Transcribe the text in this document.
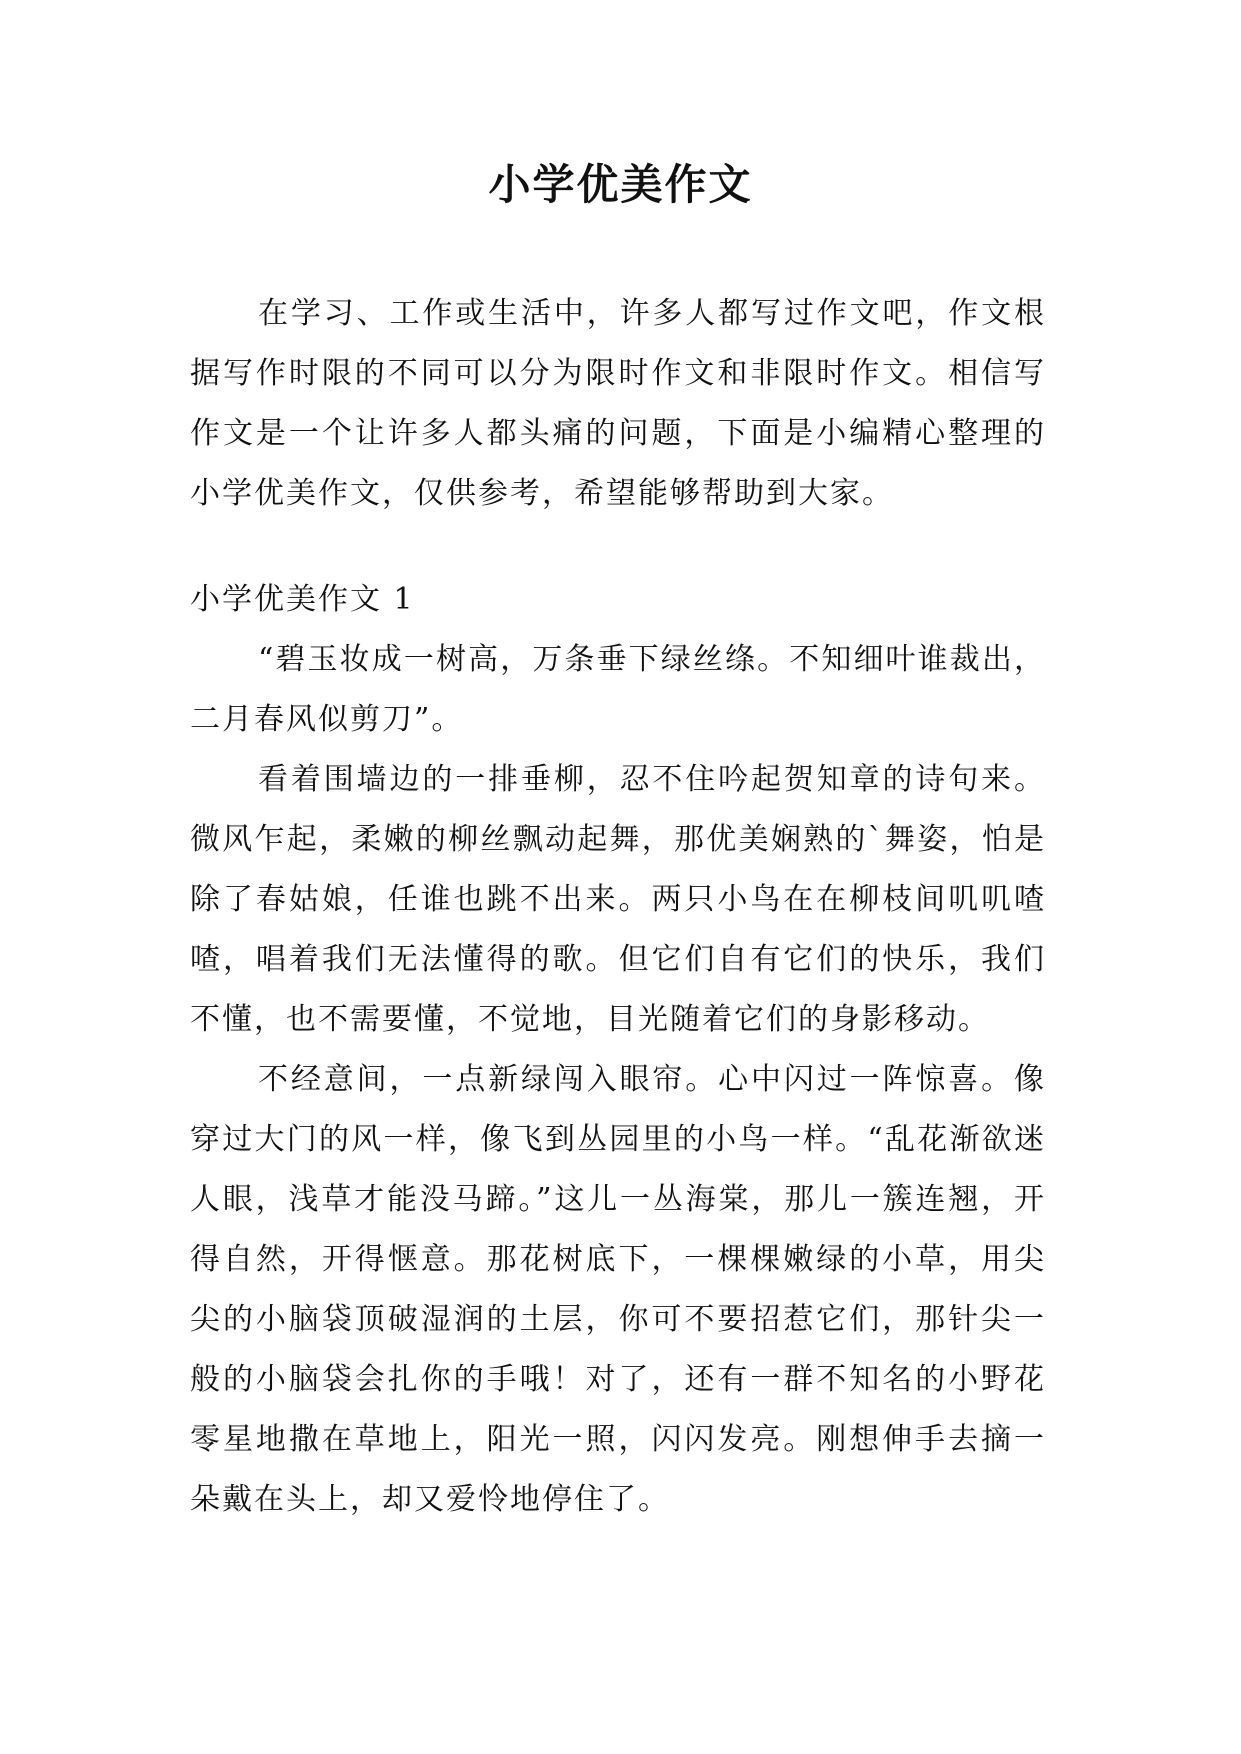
小学优美作文

在学习、工作或生活中，许多人都写过作文吧，作文根据写作时限的不同可以分为限时作文和非限时作文。相信写作文是一个让许多人都头痛的问题，下面是小编精心整理的小学优美作文，仅供参考，希望能够帮助到大家。

小学优美作文 1

“碧玉妆成一树高，万条垂下绿丝绦。不知细叶谁裁出，二月春风似剪刀”。

看着围墙边的一排垂柳，忍不住吟起贺知章的诗句来。微风乍起，柔嫩的柳丝飘动起舞，那优美娴熟的`舞姿，怕是除了春姑娘，任谁也跳不出来。两只小鸟在在柳枝间叽叽喳喳，唱着我们无法懂得的歌。但它们自有它们的快乐，我们不懂，也不需要懂，不觉地，目光随着它们的身影移动。

不经意间，一点新绿闯入眼帘。心中闪过一阵惊喜。像穿过大门的风一样，像飞到丛园里的小鸟一样。“乱花渐欲迷人眼，浅草才能没马蹄。”这儿一丛海棠，那儿一簇连翘，开得自然，开得惬意。那花树底下，一棵棵嫩绿的小草，用尖尖的小脑袋顶破湿润的土层，你可不要招惹它们，那针尖一般的小脑袋会扎你的手哦！对了，还有一群不知名的小野花零星地撒在草地上，阳光一照，闪闪发亮。刚想伸手去摘一朵戴在头上，却又爱怜地停住了。
